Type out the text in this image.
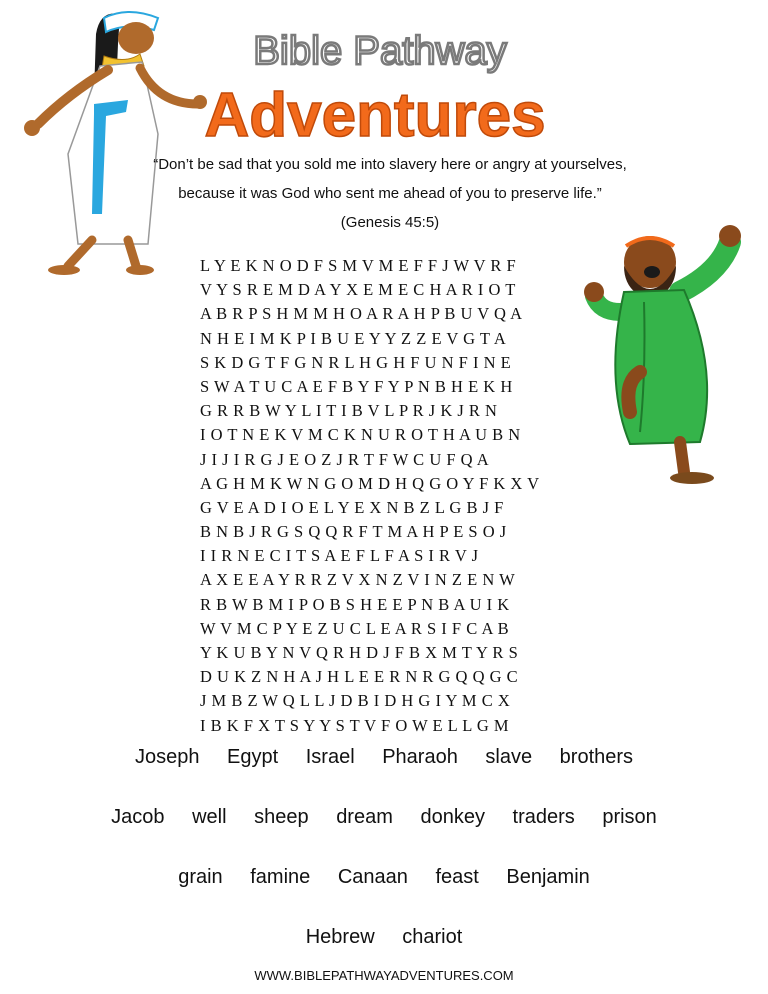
Bible Pathway
Adventures
“Don’t be sad that you sold me into slavery here or angry at yourselves,
because it was God who sent me ahead of you to preserve life.”
(Genesis 45:5)
L Y E K N O D F S M V M E F F J W V R F
V Y S R E M D A Y X E M E C H A R I O T
A B R P S H M M H O A R A H P B U V Q A
N H E I M K P I B U E Y Y Z Z E V G T A
S K D G T F G N R L H G H F U N F I N E
S W A T U C A E F B Y F Y P N B H E K H
G R R B W Y L I T I B V L P R J K J R N
I O T N E K V M C K N U R O T H A U B N
J I J I R G J E O Z J R T F W C U F Q A
A G H M K W N G O M D H Q G O Y F K X V
G V E A D I O E L Y E X N B Z L G B J F
B N B J R G S Q Q R F T M A H P E S O J
I I R N E C I T S A E F L F A S I R V J
A X E E A Y R R Z V X N Z V I N Z E N W
R B W B M I P O B S H E E P N B A U I K
W V M C P Y E Z U C L E A R S I F C A B
Y K U B Y N V Q R H D J F B X M T Y R S
D U K Z N H A J H L E E R N R G Q Q G C
J M B Z W Q L L J D B I D H G I Y M C X
I B K F X T S Y Y S T V F O W E L L G M
Joseph Egypt Israel Pharaoh slave brothers
Jacob well sheep dream donkey traders prison
grain famine Canaan feast Benjamin
Hebrew chariot
WWW.BIBLEPATHWAYADVENTURES.COM
